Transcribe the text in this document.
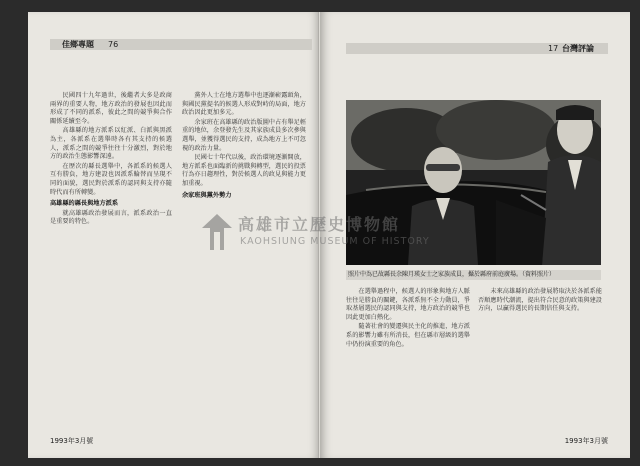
佳鄉專題 76

民國四十九年過世，後繼者大多是政商兩界的重要人物，地方政治的發展也因此而形成了不同的派系，彼此之間的競爭與合作關係延續至今。

高雄縣的地方派系以紅派、白派與黑派為主，各派系在選舉時各有其支持的候選人，派系之間的競爭往往十分激烈，對於地方的政治生態影響深遠。

在歷次的縣長選舉中，各派系的候選人互有勝負，地方建設也因派系輪替而呈現不同的面貌，選民對於派系的認同與支持亦隨時代而有所轉變。

高雄縣的縣長與地方派系

就高雄縣政治發展而言，派系政治一直是重要的特色。

黨外人士在地方選舉中也逐漸嶄露頭角，與國民黨提名的候選人形成對峙的局面，地方政治因此更加多元。

余家班在高雄縣的政治版圖中占有舉足輕重的地位，余登發先生及其家族成員多次參與選舉，並獲得選民的支持，成為地方上不可忽視的政治力量。

民國七十年代以後，政治環境逐漸開放，地方派系也面臨新的挑戰與轉型，選民的投票行為亦日趨理性，對於候選人的政見與能力更加重視。

余家班與黨外勢力

1993年3月號
17 台灣評論
照片中為已故縣長余陳月瑛女士之家族成員，攝於縣府前庭廣場。（資料照片）

在選舉過程中，候選人的形象與地方人脈往往是勝負的關鍵，各派系無不全力動員，爭取基層選民的認同與支持，地方政治的競爭也因此更加白熱化。

隨著社會的變遷與民主化的推進，地方派系的影響力雖有所消長，但在縣市層級的選舉中仍扮演重要的角色。

未來高雄縣的政治發展將取決於各派系能否順應時代潮流，提出符合民意的政策與建設方向，以贏得選民的長期信任與支持。

1993年3月號
高雄市立歷史博物館
KAOHSIUNG MUSEUM OF HISTORY
